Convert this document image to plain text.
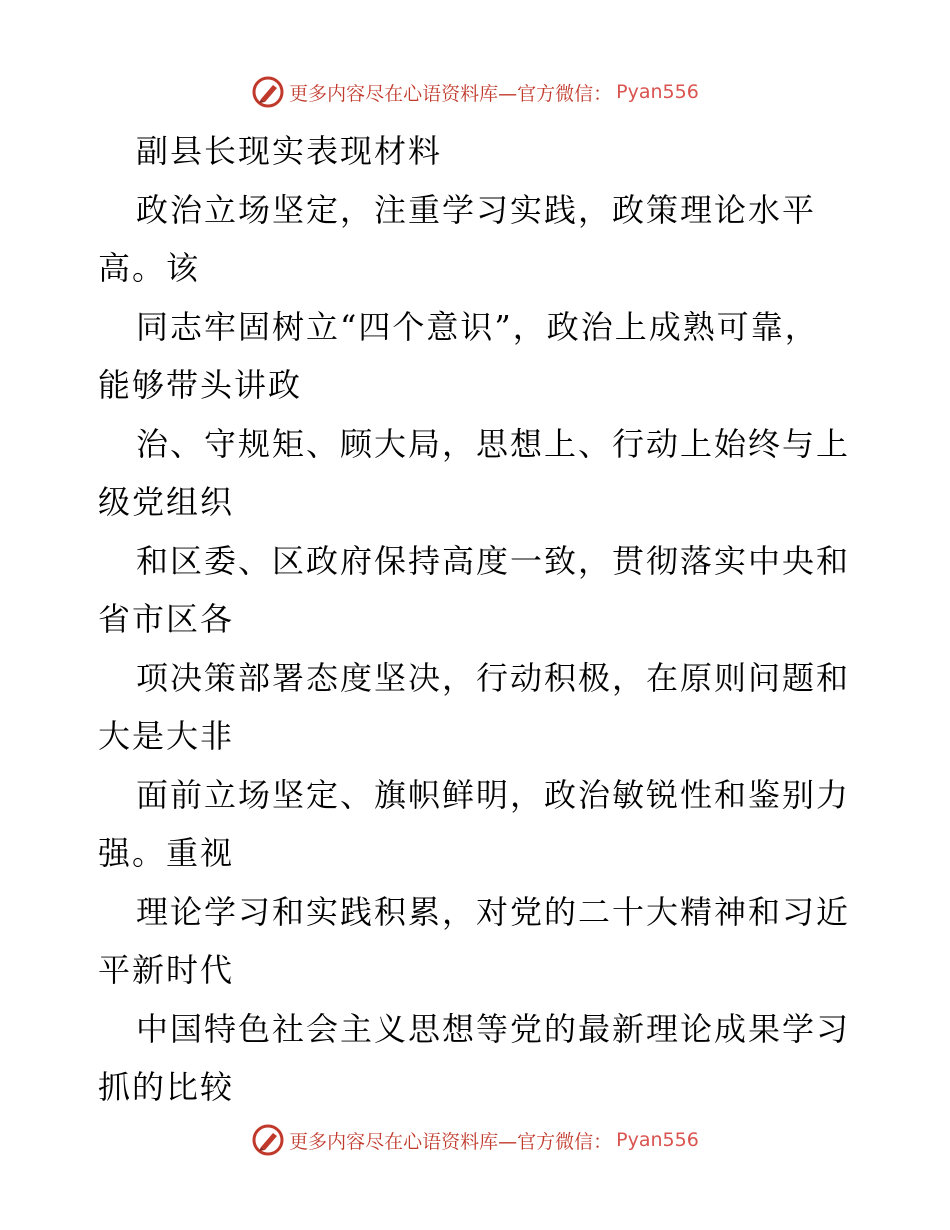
更多内容尽在心语资料库—官方微信： Pyan556
副县长现实表现材料
政治立场坚定，注重学习实践，政策理论水平
高。该
同志牢固树立“四个意识”，政治上成熟可靠，
能够带头讲政
治、守规矩、顾大局，思想上、行动上始终与上
级党组织
和区委、区政府保持高度一致，贯彻落实中央和
省市区各
项决策部署态度坚决，行动积极，在原则问题和
大是大非
面前立场坚定、旗帜鲜明，政治敏锐性和鉴别力
强。重视
理论学习和实践积累，对党的二十大精神和习近
平新时代
中国特色社会主义思想等党的最新理论成果学习
抓的比较
更多内容尽在心语资料库—官方微信： Pyan556
